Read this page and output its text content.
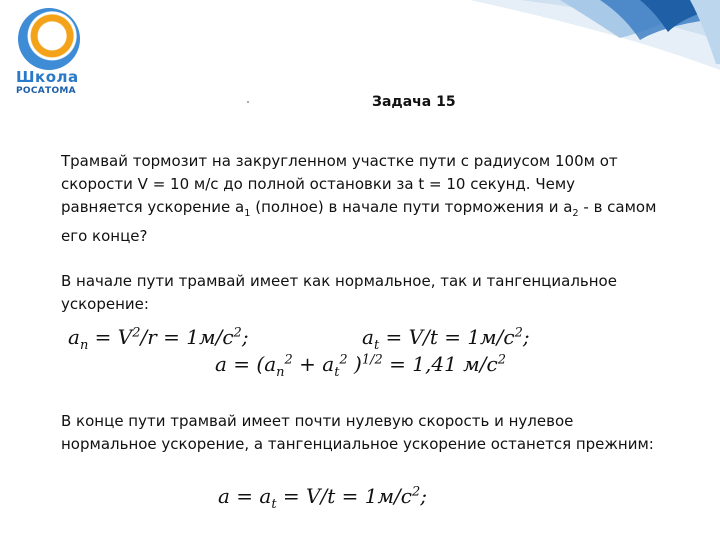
Школа
РОСАТОМА
Задача 15
Трамвай тормозит на закругленном участке пути с радиусом 100м от скорости V = 10 м/с до полной остановки за t = 10 секунд. Чему равняется ускорение $a_1$ (полное) в начале пути торможения и $a_2$ - в самом его конце?
В начале пути трамвай имеет как нормальное, так и тангенциальное ускорение:
$a_n = V^2/r = 1м/с^2$;	$a_t = V/t = 1м/с^2$;
$a = (a_n^2 + a_t^2$ )$^{1/2}$ = 1,41 $м/с^2$
В конце пути трамвай имеет почти нулевую скорость и нулевое нормальное ускорение, а тангенциальное ускорение останется прежним:
$a = a_t = V/t = 1м/с^2$;
